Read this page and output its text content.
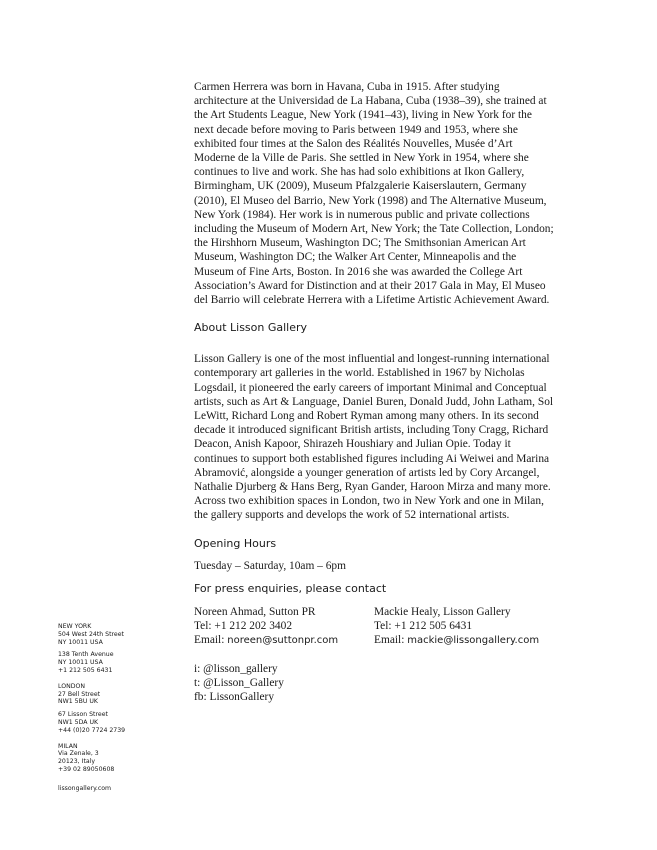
Carmen Herrera was born in Havana, Cuba in 1915. After studying architecture at the Universidad de La Habana, Cuba (1938–39), she trained at the Art Students League, New York (1941–43), living in New York for the next decade before moving to Paris between 1949 and 1953, where she exhibited four times at the Salon des Réalités Nouvelles, Musée d’Art Moderne de la Ville de Paris. She settled in New York in 1954, where she continues to live and work. She has had solo exhibitions at Ikon Gallery, Birmingham, UK (2009), Museum Pfalzgalerie Kaiserslautern, Germany (2010), El Museo del Barrio, New York (1998) and The Alternative Museum, New York (1984). Her work is in numerous public and private collections including the Museum of Modern Art, New York; the Tate Collection, London; the Hirshhorn Museum, Washington DC; The Smithsonian American Art Museum, Washington DC; the Walker Art Center, Minneapolis and the Museum of Fine Arts, Boston. In 2016 she was awarded the College Art Association’s Award for Distinction and at their 2017 Gala in May, El Museo del Barrio will celebrate Herrera with a Lifetime Artistic Achievement Award.

About Lisson Gallery

Lisson Gallery is one of the most influential and longest-running international contemporary art galleries in the world. Established in 1967 by Nicholas Logsdail, it pioneered the early careers of important Minimal and Conceptual artists, such as Art & Language, Daniel Buren, Donald Judd, John Latham, Sol LeWitt, Richard Long and Robert Ryman among many others. In its second decade it introduced significant British artists, including Tony Cragg, Richard Deacon, Anish Kapoor, Shirazeh Houshiary and Julian Opie. Today it continues to support both established figures including Ai Weiwei and Marina Abramović, alongside a younger generation of artists led by Cory Arcangel, Nathalie Djurberg & Hans Berg, Ryan Gander, Haroon Mirza and many more. Across two exhibition spaces in London, two in New York and one in Milan, the gallery supports and develops the work of 52 international artists.

Opening Hours

Tuesday – Saturday, 10am – 6pm

For press enquiries, please contact
Noreen Ahmad, Sutton PR
Tel: +1 212 202 3402
Email: noreen@suttonpr.com
Mackie Healy, Lisson Gallery
Tel: +1 212 505 6431
Email: mackie@lissongallery.com
i: @lisson_gallery
t: @Lisson_Gallery
fb: LissonGallery
NEW YORK
504 West 24th Street
NY 10011 USA
138 Tenth Avenue
NY 10011 USA
+1 212 505 6431
LONDON
27 Bell Street
NW1 5BU UK
67 Lisson Street
NW1 5DA UK
+44 (0)20 7724 2739
MILAN
Via Zenale, 3
20123, Italy
+39 02 89050608
lissongallery.com
